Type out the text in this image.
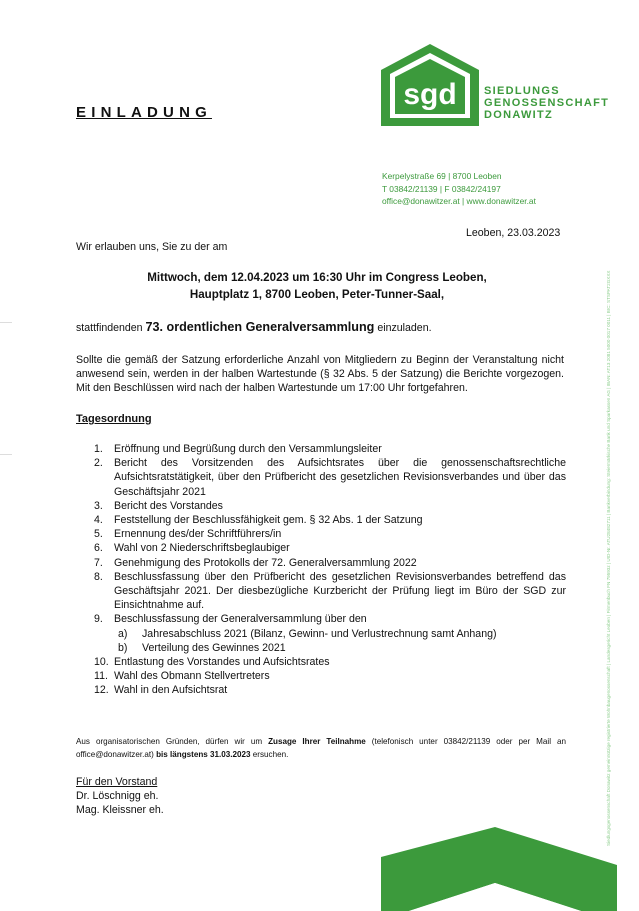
EINLADUNG
sgd SIEDLUNGS
GENOSSENSCHAFT
DONAWITZ
Kerpelystraße 69 | 8700 Leoben
T 03842/21139 | F 03842/24197
office@donawitzer.at | www.donawitzer.at
Leoben, 23.03.2023
Wir erlauben uns, Sie zu der am
Mittwoch, dem 12.04.2023 um 16:30 Uhr im Congress Leoben,
Hauptplatz 1, 8700 Leoben, Peter-Tunner-Saal,
stattfindenden 73. ordentlichen Generalversammlung einzuladen.
Sollte die gemäß der Satzung erforderliche Anzahl von Mitgliedern zu Beginn der Veranstaltung nicht anwesend sein, werden in der halben Wartestunde (§ 32 Abs. 5 der Satzung) die Berichte vorgezogen. Mit den Beschlüssen wird nach der halben Wartestunde um 17:00 Uhr fortgefahren.
Tagesordnung
1.	Eröffnung und Begrüßung durch den Versammlungsleiter
2.	Bericht des Vorsitzenden des Aufsichtsrates über die genossenschaftsrechtliche Aufsichtsratstätigkeit, über den Prüfbericht des gesetzlichen Revisionsverbandes und über das Geschäftsjahr 2021
3.	Bericht des Vorstandes
4.	Feststellung der Beschlussfähigkeit gem. § 32 Abs. 1 der Satzung
5.	Ernennung des/der Schriftführers/in
6.	Wahl von 2 Niederschriftsbeglaubiger
7.	Genehmigung des Protokolls der 72. Generalversammlung 2022
8.	Beschlussfassung über den Prüfbericht des gesetzlichen Revisionsverbandes betreffend das Geschäftsjahr 2021. Der diesbezügliche Kurzbericht der Prüfung liegt im Büro der SGD zur Einsichtnahme auf.
9.	Beschlussfassung der Generalversammlung über den
a)	Jahresabschluss 2021 (Bilanz, Gewinn- und Verlustrechnung samt Anhang)
b)	Verteilung des Gewinnes 2021
10. Entlastung des Vorstandes und Aufsichtsrates
11. Wahl des Obmann Stellvertreters
12. Wahl in den Aufsichtsrat
Aus organisatorischen Gründen, dürfen wir um Zusage Ihrer Teilnahme (telefonisch unter 03842/21139 oder per Mail an office@donawitzer.at) bis längstens 31.03.2023 ersuchen.
Für den Vorstand
Dr. Löschnigg eh.
Mag. Kleissner eh.	Siedlungsgenossenschaft Donawitz gemeinnützige registrierte Wohnbaugenossenschaft | Landesgericht Leoben | Firmenbuch FN 79593z | UID-Nr. ATU28482711 | Bankverbindung: Steiermärkische Bank und Sparkassen AG | IBAN: AT13 2081 5000 0017 0011 | BIC: STSPAT2GXXX
